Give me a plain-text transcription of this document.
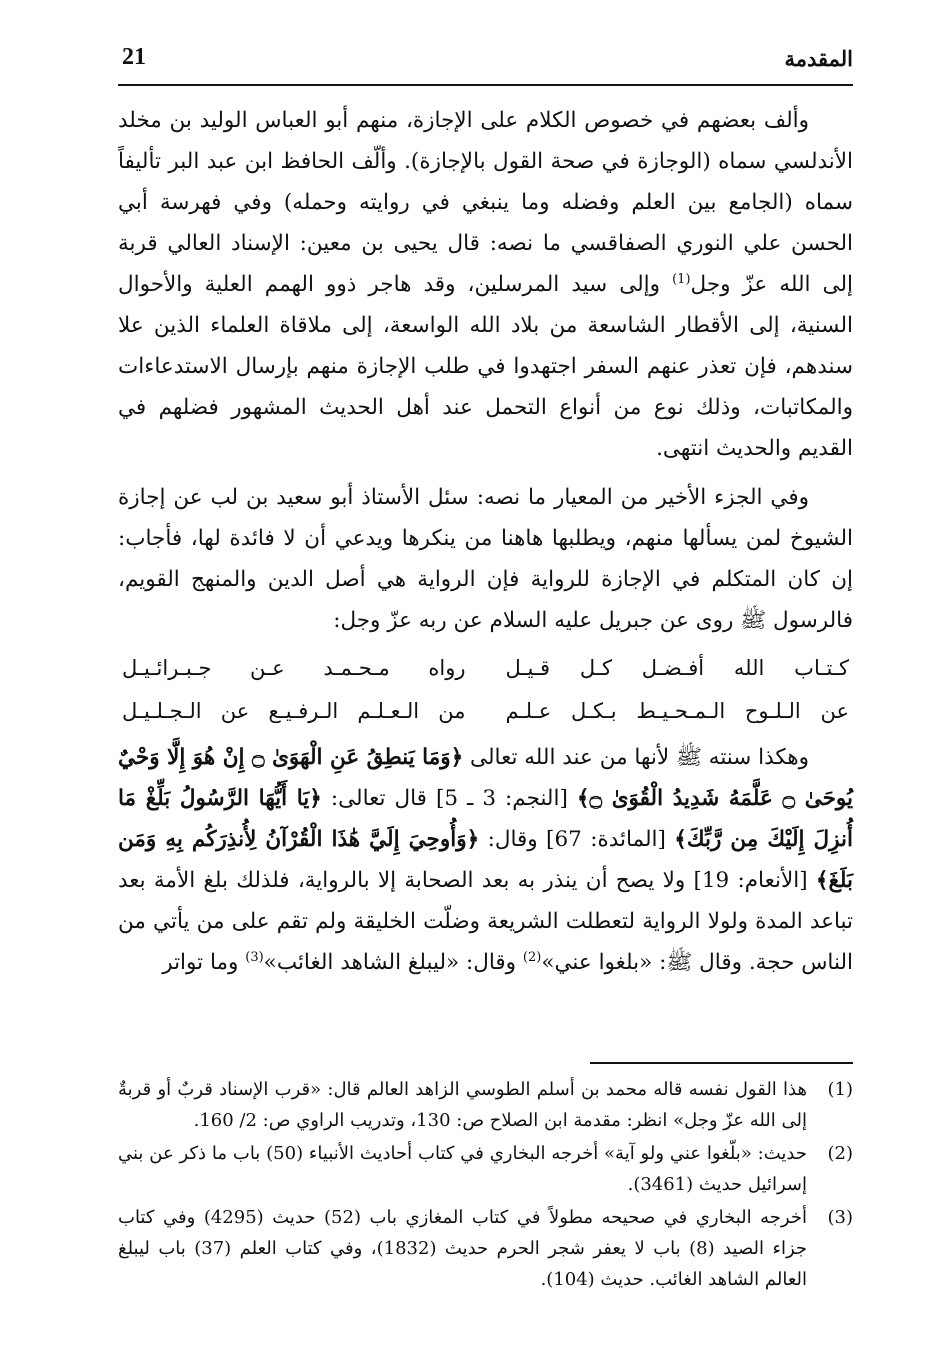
21	المقدمة

وألف بعضهم في خصوص الكلام على الإجازة، منهم أبو العباس الوليد بن مخلد الأندلسي سماه (الوجازة في صحة القول بالإجازة). وألّف الحافظ ابن عبد البر تأليفاً سماه (الجامع بين العلم وفضله وما ينبغي في روايته وحمله) وفي فهرسة أبي الحسن علي النوري الصفاقسي ما نصه: قال يحيى بن معين: الإسناد العالي قربة إلى الله عزّ وجل$^{(1)}$ وإلى سيد المرسلين، وقد هاجر ذوو الهمم العلية والأحوال السنية، إلى الأقطار الشاسعة من بلاد الله الواسعة، إلى ملاقاة العلماء الذين علا سندهم، فإن تعذر عنهم السفر اجتهدوا في طلب الإجازة منهم بإرسال الاستدعاءات والمكاتبات، وذلك نوع من أنواع التحمل عند أهل الحديث المشهور فضلهم في القديم والحديث انتهى.

وفي الجزء الأخير من المعيار ما نصه: سئل الأستاذ أبو سعيد بن لب عن إجازة الشيوخ لمن يسألها منهم، ويطلبها هاهنا من ينكرها ويدعي أن لا فائدة لها، فأجاب: إن كان المتكلم في الإجازة للرواية فإن الرواية هي أصل الدين والمنهج القويم، فالرسول ﷺ روى عن جبريل عليه السلام عن ربه عزّ وجل:

كـتـاب الله أفـضـل كـل قـيـل
رواه مـحـمـد عـن جـبـرائـيـل
عن الـلـوح الـمـحـيـط بـكـل عـلـم
من الـعـلـم الـرفـيـع عن الـجـلـيـل

وهكذا سنته ﷺ لأنها من عند الله تعالى ﴿وَمَا يَنطِقُ عَنِ الْهَوَىٰ ۝ إِنْ هُوَ إِلَّا وَحْيٌ يُوحَىٰ ۝ عَلَّمَهُ شَدِيدُ الْقُوَىٰ ۝﴾ [النجم: 3 ـ 5] قال تعالى: ﴿يَا أَيُّهَا الرَّسُولُ بَلِّغْ مَا أُنزِلَ إِلَيْكَ مِن رَّبِّكَ﴾ [المائدة: 67] وقال: ﴿وَأُوحِيَ إِلَيَّ هَٰذَا الْقُرْآنُ لِأُنذِرَكُم بِهِ وَمَن بَلَغَ﴾ [الأنعام: 19] ولا يصح أن ينذر به بعد الصحابة إلا بالرواية، فلذلك بلغ الأمة بعد تباعد المدة ولولا الرواية لتعطلت الشريعة وضلّت الخليقة ولم تقم على من يأتي من الناس حجة. وقال ﷺ: «بلغوا عني»$^{(2)}$ وقال: «ليبلغ الشاهد الغائب»$^{(3)}$ وما تواتر

(1)
هذا القول نفسه قاله محمد بن أسلم الطوسي الزاهد العالم قال: «قرب الإسناد قربٌ أو قربةٌ إلى الله عزّ وجل» انظر: مقدمة ابن الصلاح ص: 130، وتدريب الراوي ص: 2/ 160.
(2)
حديث: «بلّغوا عني ولو آية» أخرجه البخاري في كتاب أحاديث الأنبياء (50) باب ما ذكر عن بني إسرائيل حديث (3461).
(3)
أخرجه البخاري في صحيحه مطولاً في كتاب المغازي باب (52) حديث (4295) وفي كتاب جزاء الصيد (8) باب لا يعفر شجر الحرم حديث (1832)، وفي كتاب العلم (37) باب ليبلغ العالم الشاهد الغائب. حديث (104).
